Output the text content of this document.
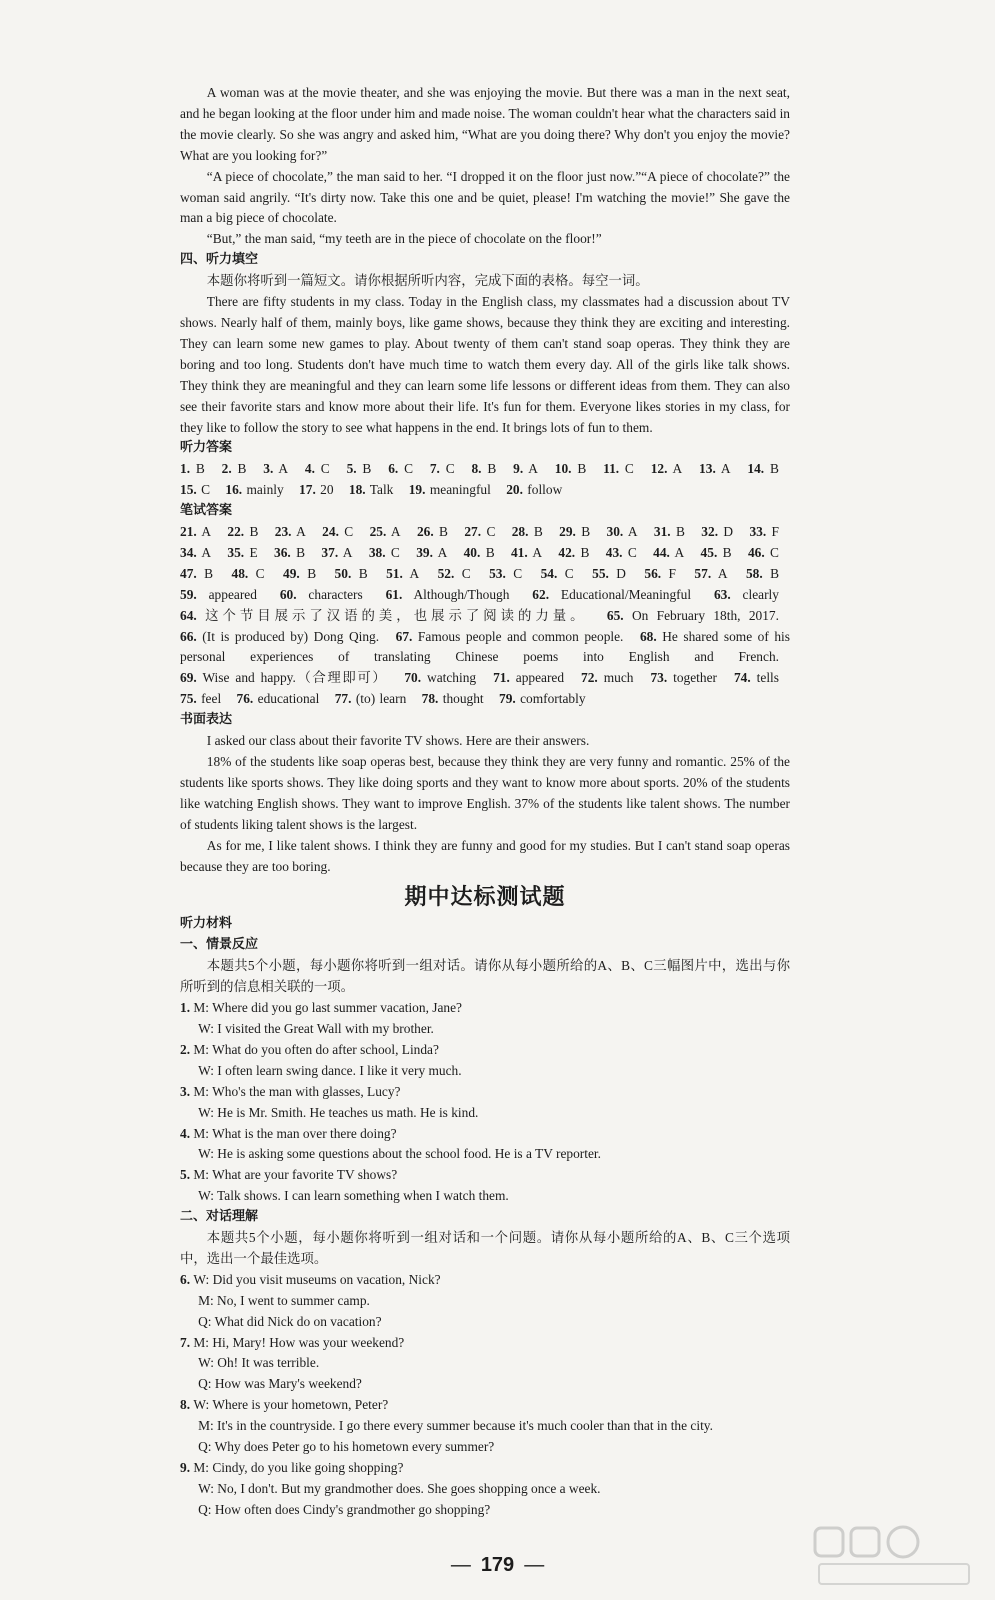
A woman was at the movie theater, and she was enjoying the movie. But there was a man in the next seat, and he began looking at the floor under him and made noise. The woman couldn't hear what the characters said in the movie clearly. So she was angry and asked him, “What are you doing there? Why don't you enjoy the movie? What are you looking for?”

“A piece of chocolate,” the man said to her. “I dropped it on the floor just now.”“A piece of chocolate?” the woman said angrily. “It's dirty now. Take this one and be quiet, please! I'm watching the movie!” She gave the man a big piece of chocolate.

“But,” the man said, “my teeth are in the piece of chocolate on the floor!”

四、听力填空

本题你将听到一篇短文。请你根据所听内容，完成下面的表格。每空一词。

There are fifty students in my class. Today in the English class, my classmates had a discussion about TV shows. Nearly half of them, mainly boys, like game shows, because they think they are exciting and interesting. They can learn some new games to play. About twenty of them can't stand soap operas. They think they are boring and too long. Students don't have much time to watch them every day. All of the girls like talk shows. They think they are meaningful and they can learn some life lessons or different ideas from them. They can also see their favorite stars and know more about their life. It's fun for them. Everyone likes stories in my class, for they like to follow the story to see what happens in the end. It brings lots of fun to them.

听力答案

1. B 2. B 3. A 4. C 5. B 6. C 7. C 8. B 9. A 10. B 11. C 12. A 13. A 14. B 15. C 16. mainly 17. 20 18. Talk 19. meaningful 20. follow

笔试答案

21. A 22. B 23. A 24. C 25. A 26. B 27. C 28. B 29. B 30. A 31. B 32. D 33. F 34. A 35. E 36. B 37. A 38. C 39. A 40. B 41. A 42. B 43. C 44. A 45. B 46. C 47. B 48. C 49. B 50. B 51. A 52. C 53. C 54. C 55. D 56. F 57. A 58. B 59. appeared 60. characters 61. Although/Though 62. Educational/Meaningful 63. clearly 64. 这个节目展示了汉语的美，也展示了阅读的力量。 65. On February 18th, 2017. 66. (It is produced by) Dong Qing. 67. Famous people and common people. 68. He shared some of his personal experiences of translating Chinese poems into English and French. 69. Wise and happy.（合理即可） 70. watching 71. appeared 72. much 73. together 74. tells 75. feel 76. educational 77. (to) learn 78. thought 79. comfortably

书面表达

I asked our class about their favorite TV shows. Here are their answers.

18% of the students like soap operas best, because they think they are very funny and romantic. 25% of the students like sports shows. They like doing sports and they want to know more about sports. 20% of the students like watching English shows. They want to improve English. 37% of the students like talent shows. The number of students liking talent shows is the largest.

As for me, I like talent shows. I think they are funny and good for my studies. But I can't stand soap operas because they are too boring.

期中达标测试题
听力材料
一、情景反应

本题共5个小题，每小题你将听到一组对话。请你从每小题所给的A、B、C三幅图片中，选出与你所听到的信息相关联的一项。

1. M: Where did you go last summer vacation, Jane?

W: I visited the Great Wall with my brother.

2. M: What do you often do after school, Linda?

W: I often learn swing dance. I like it very much.

3. M: Who's the man with glasses, Lucy?

W: He is Mr. Smith. He teaches us math. He is kind.

4. M: What is the man over there doing?

W: He is asking some questions about the school food. He is a TV reporter.

5. M: What are your favorite TV shows?

W: Talk shows. I can learn something when I watch them.

二、对话理解

本题共5个小题，每小题你将听到一组对话和一个问题。请你从每小题所给的A、B、C三个选项中，选出一个最佳选项。

6. W: Did you visit museums on vacation, Nick?

M: No, I went to summer camp.

Q: What did Nick do on vacation?

7. M: Hi, Mary! How was your weekend?

W: Oh! It was terrible.

Q: How was Mary's weekend?

8. W: Where is your hometown, Peter?

M: It's in the countryside. I go there every summer because it's much cooler than that in the city.

Q: Why does Peter go to his hometown every summer?

9. M: Cindy, do you like going shopping?

W: No, I don't. But my grandmother does. She goes shopping once a week.

Q: How often does Cindy's grandmother go shopping?

— 179 —
